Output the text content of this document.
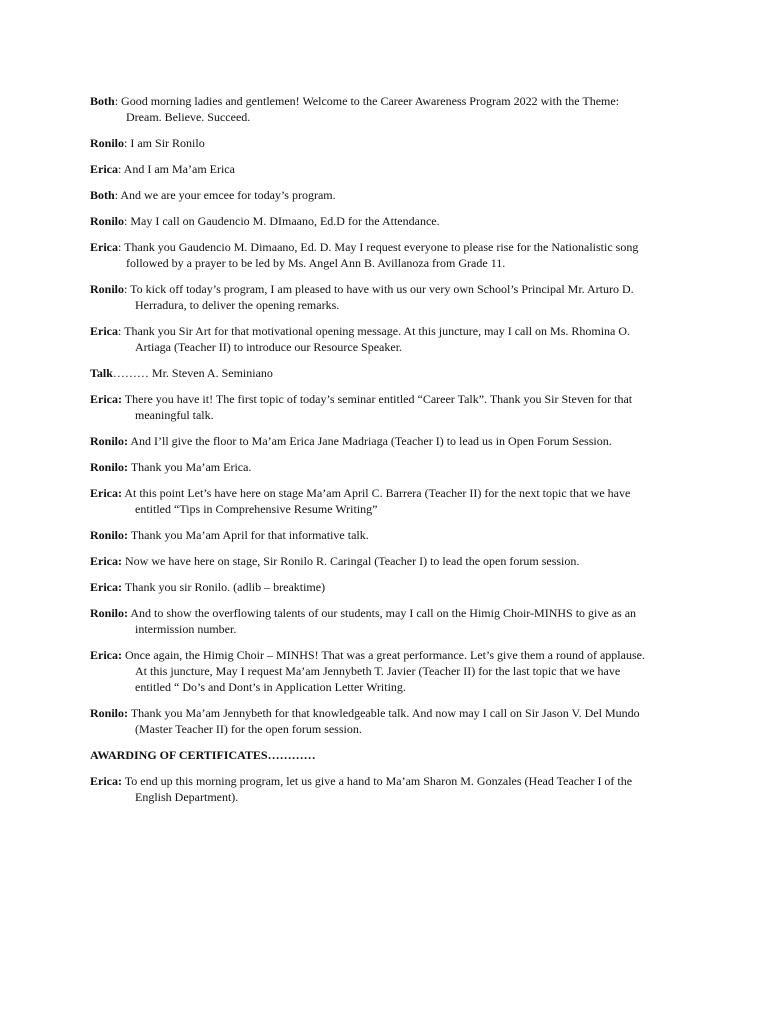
Both: Good morning ladies and gentlemen! Welcome to the Career Awareness Program 2022 with the Theme:
Dream. Believe. Succeed.

Ronilo: I am Sir Ronilo

Erica: And I am Ma’am Erica

Both: And we are your emcee for today’s program.

Ronilo: May I call on Gaudencio M. DImaano, Ed.D for the Attendance.

Erica: Thank you Gaudencio M. Dimaano, Ed. D. May I request everyone to please rise for the Nationalistic song
followed by a prayer to be led by Ms. Angel Ann B. Avillanoza from Grade 11.

Ronilo: To kick off today’s program, I am pleased to have with us our very own School’s Principal Mr. Arturo D.
Herradura, to deliver the opening remarks.

Erica: Thank you Sir Art for that motivational opening message. At this juncture, may I call on Ms. Rhomina O.
Artiaga (Teacher II) to introduce our Resource Speaker.

Talk……… Mr. Steven A. Seminiano

Erica: There you have it! The first topic of today’s seminar entitled “Career Talk”. Thank you Sir Steven for that
meaningful talk.

Ronilo: And I’ll give the floor to Ma’am Erica Jane Madriaga (Teacher I) to lead us in Open Forum Session.

Ronilo: Thank you Ma’am Erica.

Erica: At this point Let’s have here on stage Ma’am April C. Barrera (Teacher II) for the next topic that we have
entitled “Tips in Comprehensive Resume Writing”

Ronilo: Thank you Ma’am April for that informative talk.

Erica: Now we have here on stage, Sir Ronilo R. Caringal (Teacher I) to lead the open forum session.

Erica: Thank you sir Ronilo. (adlib – breaktime)

Ronilo: And to show the overflowing talents of our students, may I call on the Himig Choir-MINHS to give as an
intermission number.

Erica: Once again, the Himig Choir – MINHS! That was a great performance. Let’s give them a round of applause.
At this juncture, May I request Ma’am Jennybeth T. Javier (Teacher II) for the last topic that we have
entitled “ Do’s and Dont’s in Application Letter Writing.

Ronilo: Thank you Ma’am Jennybeth for that knowledgeable talk. And now may I call on Sir Jason V. Del Mundo
(Master Teacher II) for the open forum session.

AWARDING OF CERTIFICATES…………

Erica: To end up this morning program, let us give a hand to Ma’am Sharon M. Gonzales (Head Teacher I of the
English Department).
